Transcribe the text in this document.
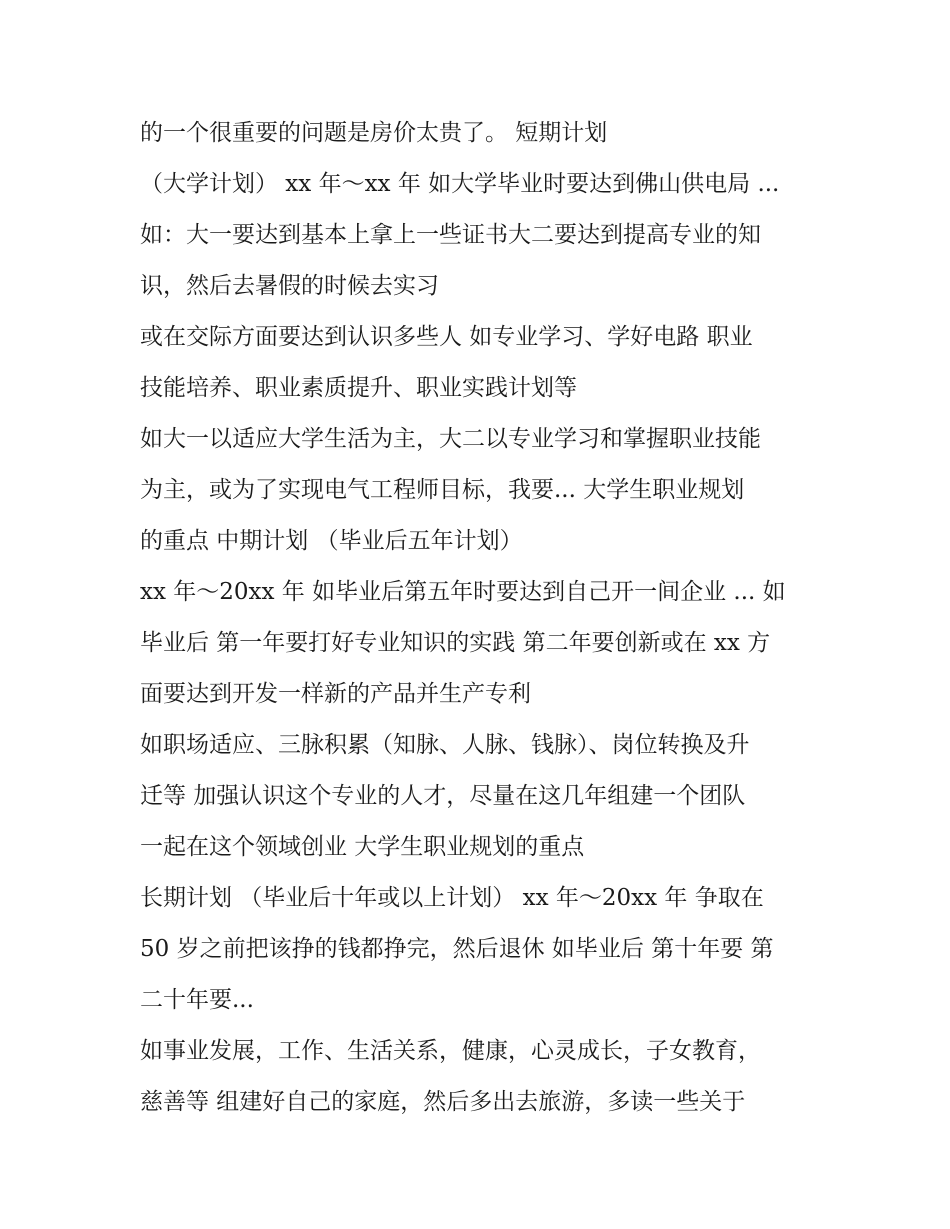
的一个很重要的问题是房价太贵了。 短期计划
（大学计划） xx 年～xx 年 如大学毕业时要达到佛山供电局 ...
如：大一要达到基本上拿上一些证书大二要达到提高专业的知
识，然后去暑假的时候去实习
或在交际方面要达到认识多些人 如专业学习、学好电路 职业
技能培养、职业素质提升、职业实践计划等
如大一以适应大学生活为主，大二以专业学习和掌握职业技能
为主，或为了实现电气工程师目标，我要... 大学生职业规划
的重点 中期计划 （毕业后五年计划）
xx 年～20xx 年 如毕业后第五年时要达到自己开一间企业 ... 如
毕业后 第一年要打好专业知识的实践 第二年要创新或在 xx 方
面要达到开发一样新的产品并生产专利
如职场适应、三脉积累（知脉、人脉、钱脉）、岗位转换及升
迁等 加强认识这个专业的人才，尽量在这几年组建一个团队
一起在这个领域创业 大学生职业规划的重点
长期计划 （毕业后十年或以上计划） xx 年～20xx 年 争取在
50 岁之前把该挣的钱都挣完，然后退休 如毕业后 第十年要 第
二十年要...
如事业发展，工作、生活关系，健康，心灵成长，子女教育，
慈善等 组建好自己的家庭，然后多出去旅游，多读一些关于
